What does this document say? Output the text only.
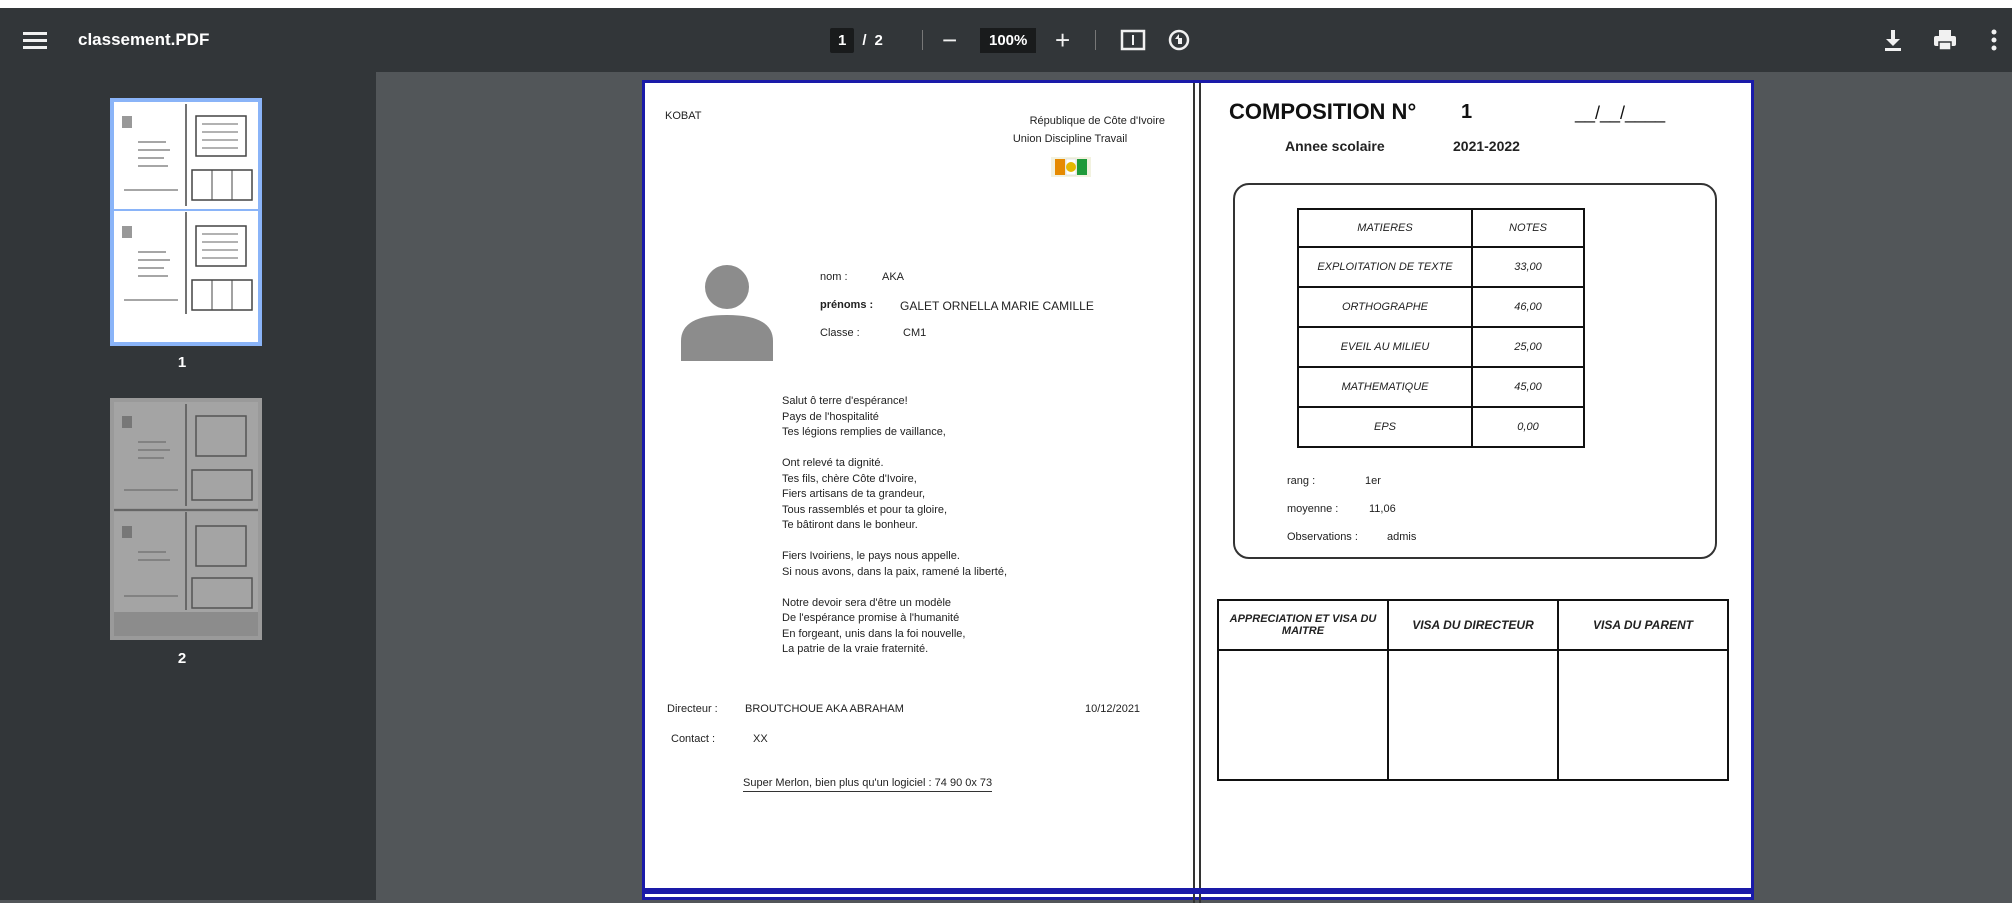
classement.PDF	1	/ 2 −	100%	+
1
2
KOBAT	République de Côte d'Ivoire
Union Discipline Travail
nom :	AKA
prénoms : GALET ORNELLA MARIE CAMILLE
Classe :	CM1
Salut ô terre d'espérance!
Pays de l'hospitalité
Tes légions remplies de vaillance,
Ont relevé ta dignité.
Tes fils, chère Côte d'Ivoire,
Fiers artisans de ta grandeur,
Tous rassemblés et pour ta gloire,
Te bâtiront dans le bonheur.
Fiers Ivoiriens, le pays nous appelle.
Si nous avons, dans la paix, ramené la liberté,
Notre devoir sera d'être un modèle
De l'espérance promise à l'humanité
En forgeant, unis dans la foi nouvelle,
La patrie de la vraie fraternité.
Directeur : BROUTCHOUE AKA ABRAHAM	10/12/2021
Contact :	XX
Super Merlon, bien plus qu'un logiciel : 74 90 0x 73
COMPOSITION N° 1	__/__/____
Annee scolaire	2021-2022
MATIERES	NOTES
EXPLOITATION DE TEXTE	33,00
ORTHOGRAPHE	46,00
EVEIL AU MILIEU	25,00
MATHEMATIQUE	45,00
EPS	0,00
rang :	1er
moyenne :	11,06
Observations :	admis
APPRECIATION ET VISA DU MAITRE	VISA DU DIRECTEUR	VISA DU PARENT
